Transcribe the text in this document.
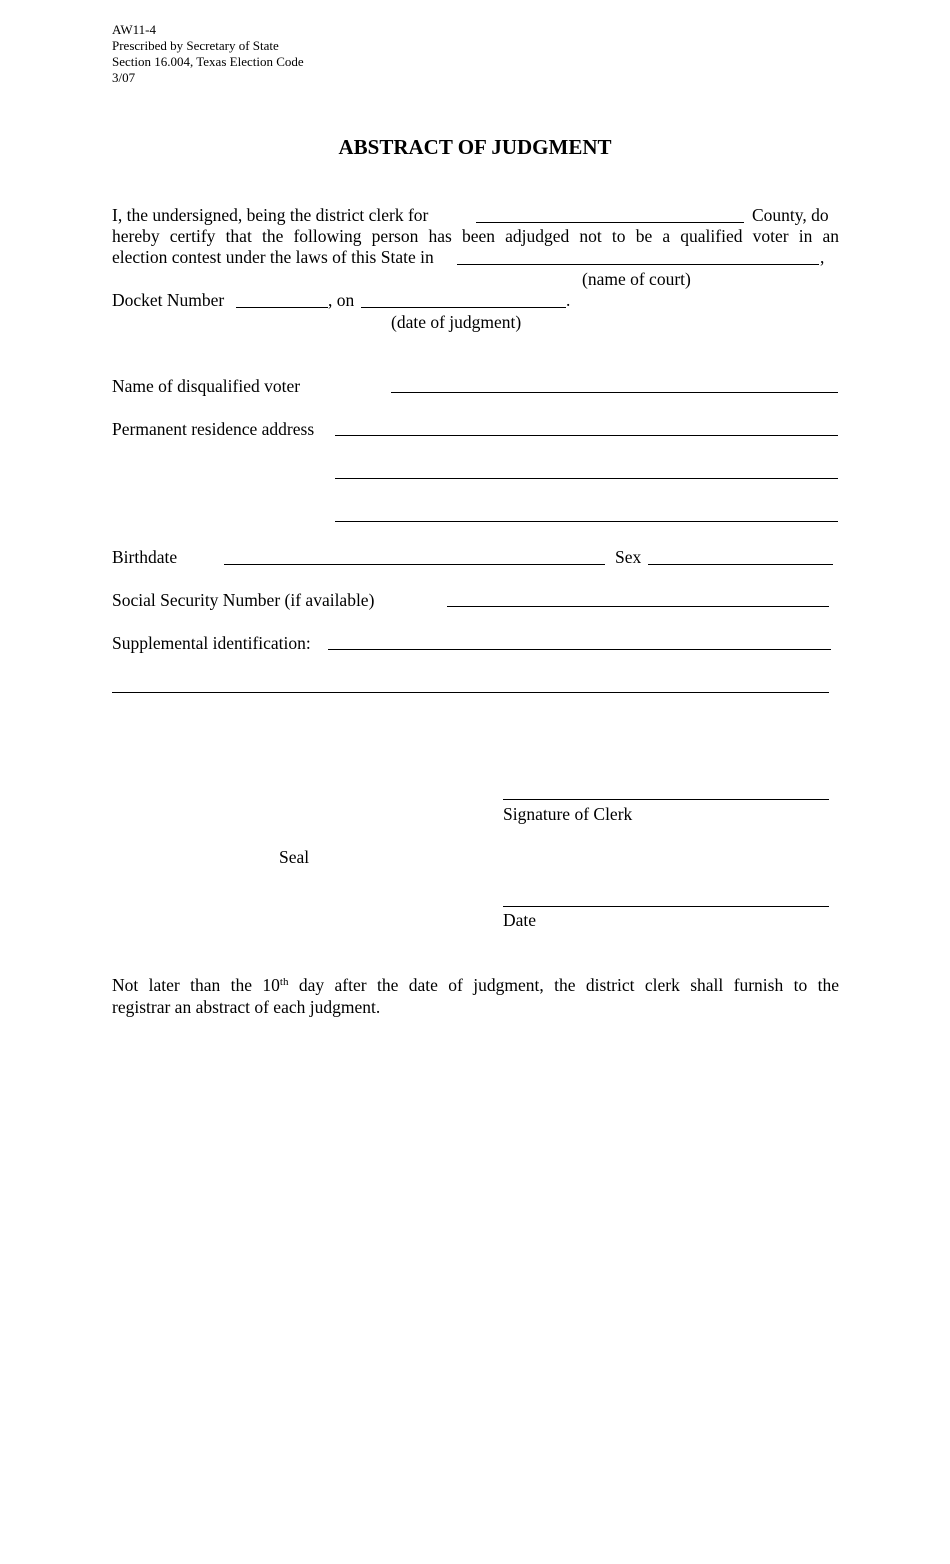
AW11-4
Prescribed by Secretary of State
Section 16.004, Texas Election Code
3/07
ABSTRACT OF JUDGMENT
I, the undersigned, being the district clerk for	County, do
hereby certify that the following person has been adjudged not to be a qualified voter in an
election contest under the laws of this State in	,
(name of court)
Docket Number	, on	.
(date of judgment)
Name of disqualified voter
Permanent residence address
Birthdate	Sex
Social Security Number (if available)
Supplemental identification:
Signature of Clerk
Seal
Date
Not later than the 10th day after the date of judgment, the district clerk shall furnish to the
registrar an abstract of each judgment.
